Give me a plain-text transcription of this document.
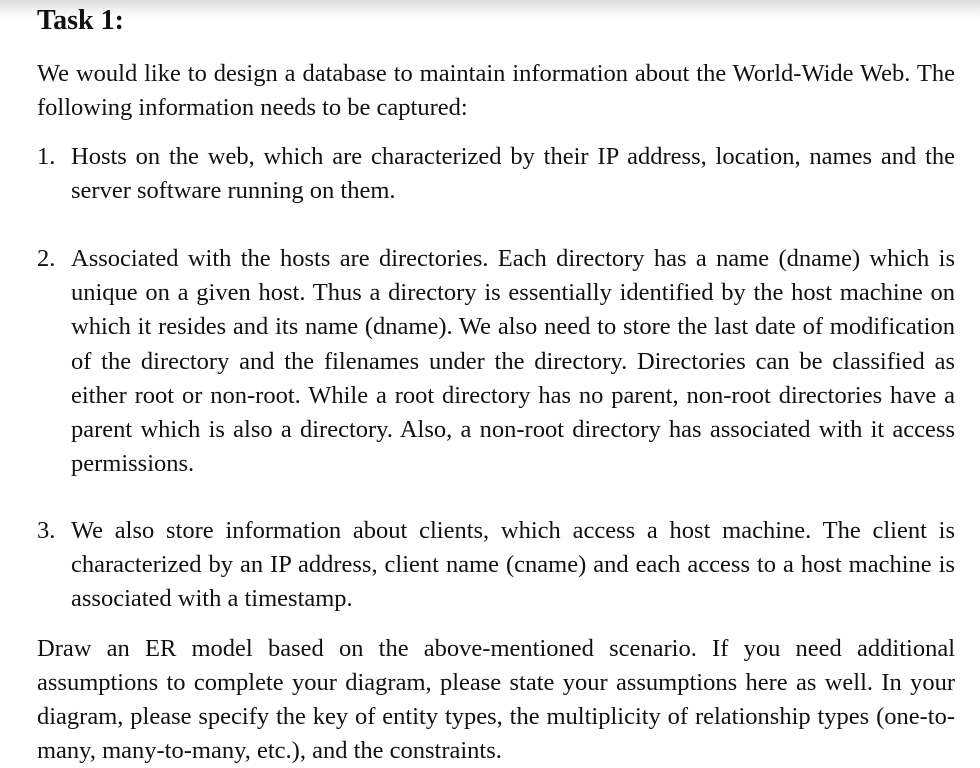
Task 1:

We would like to design a database to maintain information about the World-Wide Web. The following information needs to be captured:

1. Hosts on the web, which are characterized by their IP address, location, names and the server software running on them.
2. Associated with the hosts are directories. Each directory has a name (dname) which is unique on a given host. Thus a directory is essentially identified by the host machine on which it resides and its name (dname). We also need to store the last date of modification of the directory and the filenames under the directory. Directories can be classified as either root or non-root. While a root directory has no parent, non-root directories have a parent which is also a directory. Also, a non-root directory has associated with it access permissions.
3. We also store information about clients, which access a host machine. The client is characterized by an IP address, client name (cname) and each access to a host machine is associated with a timestamp.

Draw an ER model based on the above-mentioned scenario. If you need additional assumptions to complete your diagram, please state your assumptions here as well. In your diagram, please specify the key of entity types, the multiplicity of relationship types (one-to-many, many-to-many, etc.), and the constraints.
